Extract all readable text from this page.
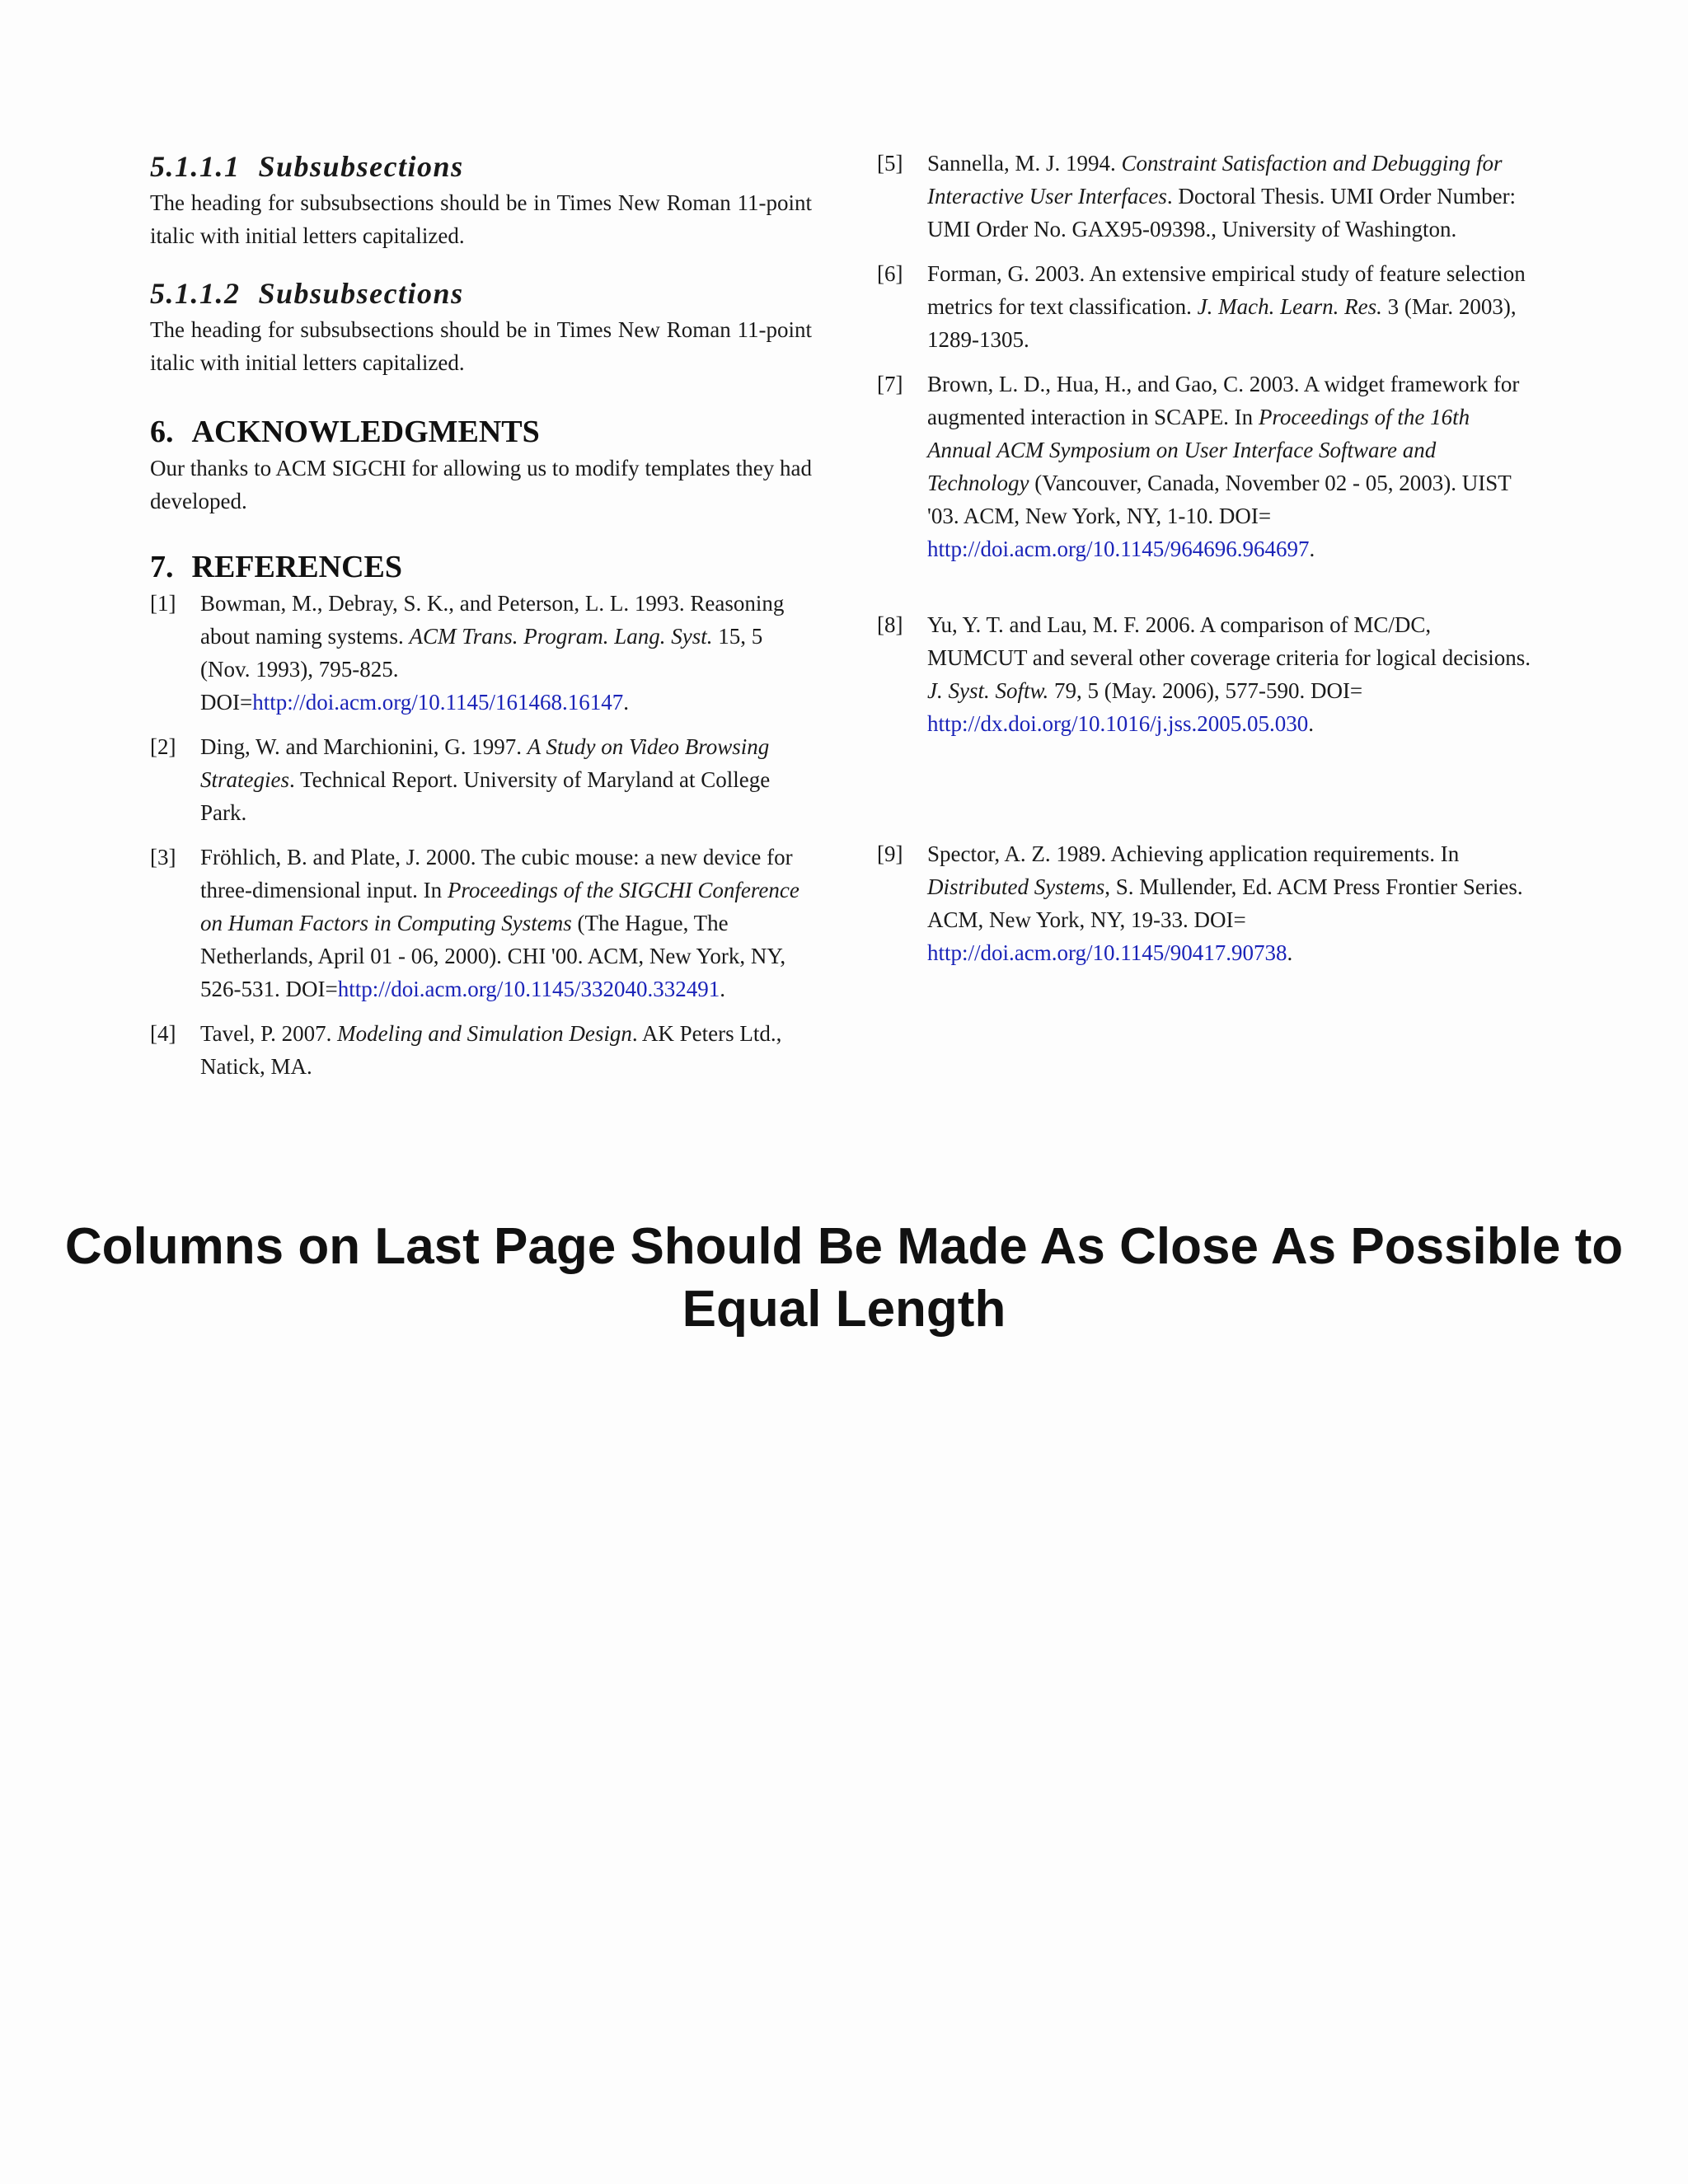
5.1.1.1 Subsubsections

The heading for subsubsections should be in Times New Roman 11-point italic with initial letters capitalized.

5.1.1.2 Subsubsections

The heading for subsubsections should be in Times New Roman 11-point italic with initial letters capitalized.

6. ACKNOWLEDGMENTS

Our thanks to ACM SIGCHI for allowing us to modify templates they had developed.

7. REFERENCES
[1] Bowman, M., Debray, S. K., and Peterson, L. L. 1993. Reasoning about naming systems. ACM Trans. Program. Lang. Syst. 15, 5 (Nov. 1993), 795-825. DOI=http://doi.acm.org/10.1145/161468.16147.
[2] Ding, W. and Marchionini, G. 1997. A Study on Video Browsing Strategies. Technical Report. University of Maryland at College Park.
[3] Fröhlich, B. and Plate, J. 2000. The cubic mouse: a new device for three-dimensional input. In Proceedings of the SIGCHI Conference on Human Factors in Computing Systems (The Hague, The Netherlands, April 01 - 06, 2000). CHI '00. ACM, New York, NY, 526-531. DOI=http://doi.acm.org/10.1145/332040.332491.
[4] Tavel, P. 2007. Modeling and Simulation Design. AK Peters Ltd., Natick, MA.
[5] Sannella, M. J. 1994. Constraint Satisfaction and Debugging for Interactive User Interfaces. Doctoral Thesis. UMI Order Number: UMI Order No. GAX95-09398., University of Washington.
[6] Forman, G. 2003. An extensive empirical study of feature selection metrics for text classification. J. Mach. Learn. Res. 3 (Mar. 2003), 1289-1305.
[7] Brown, L. D., Hua, H., and Gao, C. 2003. A widget framework for augmented interaction in SCAPE. In Proceedings of the 16th Annual ACM Symposium on User Interface Software and Technology (Vancouver, Canada, November 02 - 05, 2003). UIST '03. ACM, New York, NY, 1-10. DOI= http://doi.acm.org/10.1145/964696.964697.
[8] Yu, Y. T. and Lau, M. F. 2006. A comparison of MC/DC, MUMCUT and several other coverage criteria for logical decisions. J. Syst. Softw. 79, 5 (May. 2006), 577-590. DOI= http://dx.doi.org/10.1016/j.jss.2005.05.030.
[9] Spector, A. Z. 1989. Achieving application requirements. In Distributed Systems, S. Mullender, Ed. ACM Press Frontier Series. ACM, New York, NY, 19-33. DOI= http://doi.acm.org/10.1145/90417.90738.
Columns on Last Page Should Be Made As Close As Possible to Equal Length
